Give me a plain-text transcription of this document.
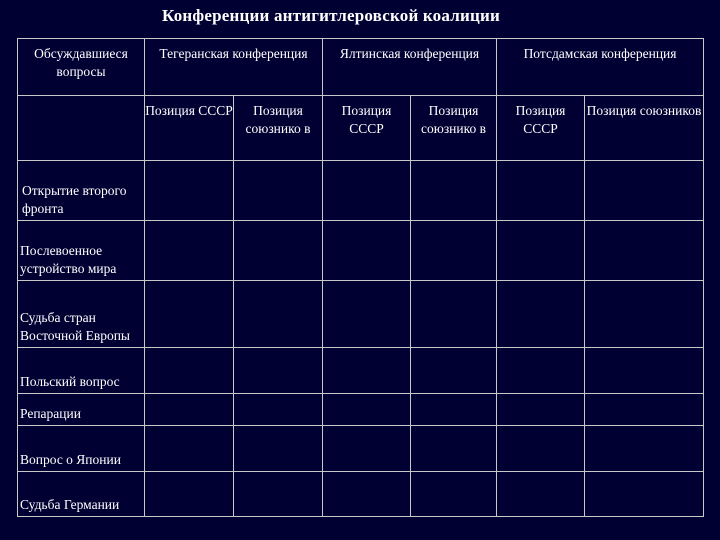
Конференции антигитлеровской коалиции
Обсуждавшиеся вопросы	Тегеранская конференция		Ялтинская конференция		Потсдамская конференция	
	Позиция СССР	Позиция союзнико в	Позиция СССР	Позиция союзнико в	Позиция СССР	Позиция союзников
Открытие второго фронта						
Послевоенное устройство мира						
Судьба стран Восточной Европы						
Польский вопрос						
Репарации						
Вопрос о Японии						
Судьба Германии						
